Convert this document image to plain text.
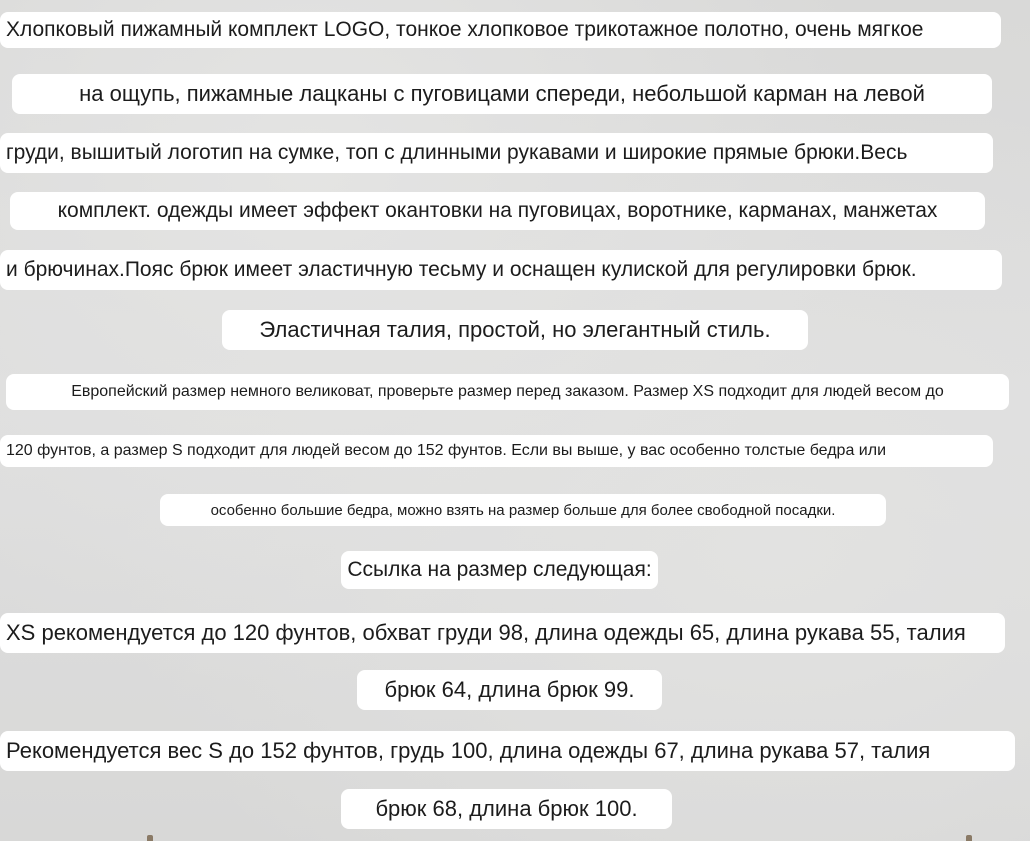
Хлопковый пижамный комплект LOGO, тонкое хлопковое трикотажное полотно, очень мягкое
на ощупь, пижамные лацканы с пуговицами спереди, небольшой карман на левой
груди, вышитый логотип на сумке, топ с длинными рукавами и широкие прямые брюки.Весь
комплект. одежды имеет эффект окантовки на пуговицах, воротнике, карманах, манжетах
и брючинах.Пояс брюк имеет эластичную тесьму и оснащен кулиской для регулировки брюк.
Эластичная талия, простой, но элегантный стиль.
Европейский размер немного великоват, проверьте размер перед заказом. Размер XS подходит для людей весом до
120 фунтов, а размер S подходит для людей весом до 152 фунтов. Если вы выше, у вас особенно толстые бедра или
особенно большие бедра, можно взять на размер больше для более свободной посадки.
Ссылка на размер следующая:
XS рекомендуется до 120 фунтов, обхват груди 98, длина одежды 65, длина рукава 55, талия
брюк 64, длина брюк 99.
Рекомендуется вес S до 152 фунтов, грудь 100, длина одежды 67, длина рукава 57, талия
брюк 68, длина брюк 100.
